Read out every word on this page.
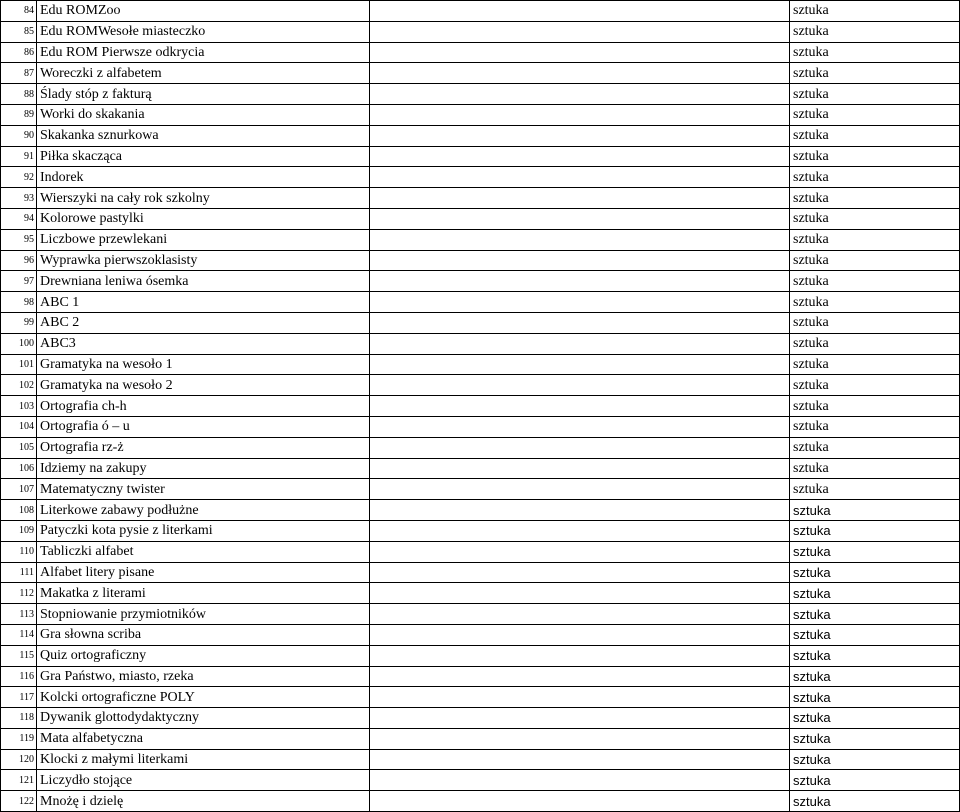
84	Edu ROMZoo		sztuka
85	Edu ROMWesołe miasteczko		sztuka
86	Edu ROM Pierwsze odkrycia		sztuka
87	Woreczki z alfabetem		sztuka
88	Ślady stóp z fakturą		sztuka
89	Worki do skakania		sztuka
90	Skakanka sznurkowa		sztuka
91	Piłka skacząca		sztuka
92	Indorek		sztuka
93	Wierszyki na cały rok szkolny		sztuka
94	Kolorowe pastylki		sztuka
95	Liczbowe przewlekani		sztuka
96	Wyprawka pierwszoklasisty		sztuka
97	Drewniana leniwa ósemka		sztuka
98	ABC 1		sztuka
99	ABC 2		sztuka
100	ABC3		sztuka
101	Gramatyka na wesoło 1		sztuka
102	Gramatyka na wesoło 2		sztuka
103	Ortografia ch-h		sztuka
104	Ortografia ó – u		sztuka
105	Ortografia rz-ż		sztuka
106	Idziemy na zakupy		sztuka
107	Matematyczny twister		sztuka
108	Literkowe zabawy podłużne		sztuka
109	Patyczki kota pysie z literkami		sztuka
110	Tabliczki alfabet		sztuka
111	Alfabet litery pisane		sztuka
112	Makatka z literami		sztuka
113	Stopniowanie przymiotników		sztuka
114	Gra słowna scriba		sztuka
115	Quiz ortograficzny		sztuka
116	Gra Państwo, miasto, rzeka		sztuka
117	Kolcki ortograficzne POLY		sztuka
118	Dywanik glottodydaktyczny		sztuka
119	Mata alfabetyczna		sztuka
120	Klocki z małymi literkami		sztuka
121	Liczydło stojące		sztuka
122	Mnożę i dzielę		sztuka
